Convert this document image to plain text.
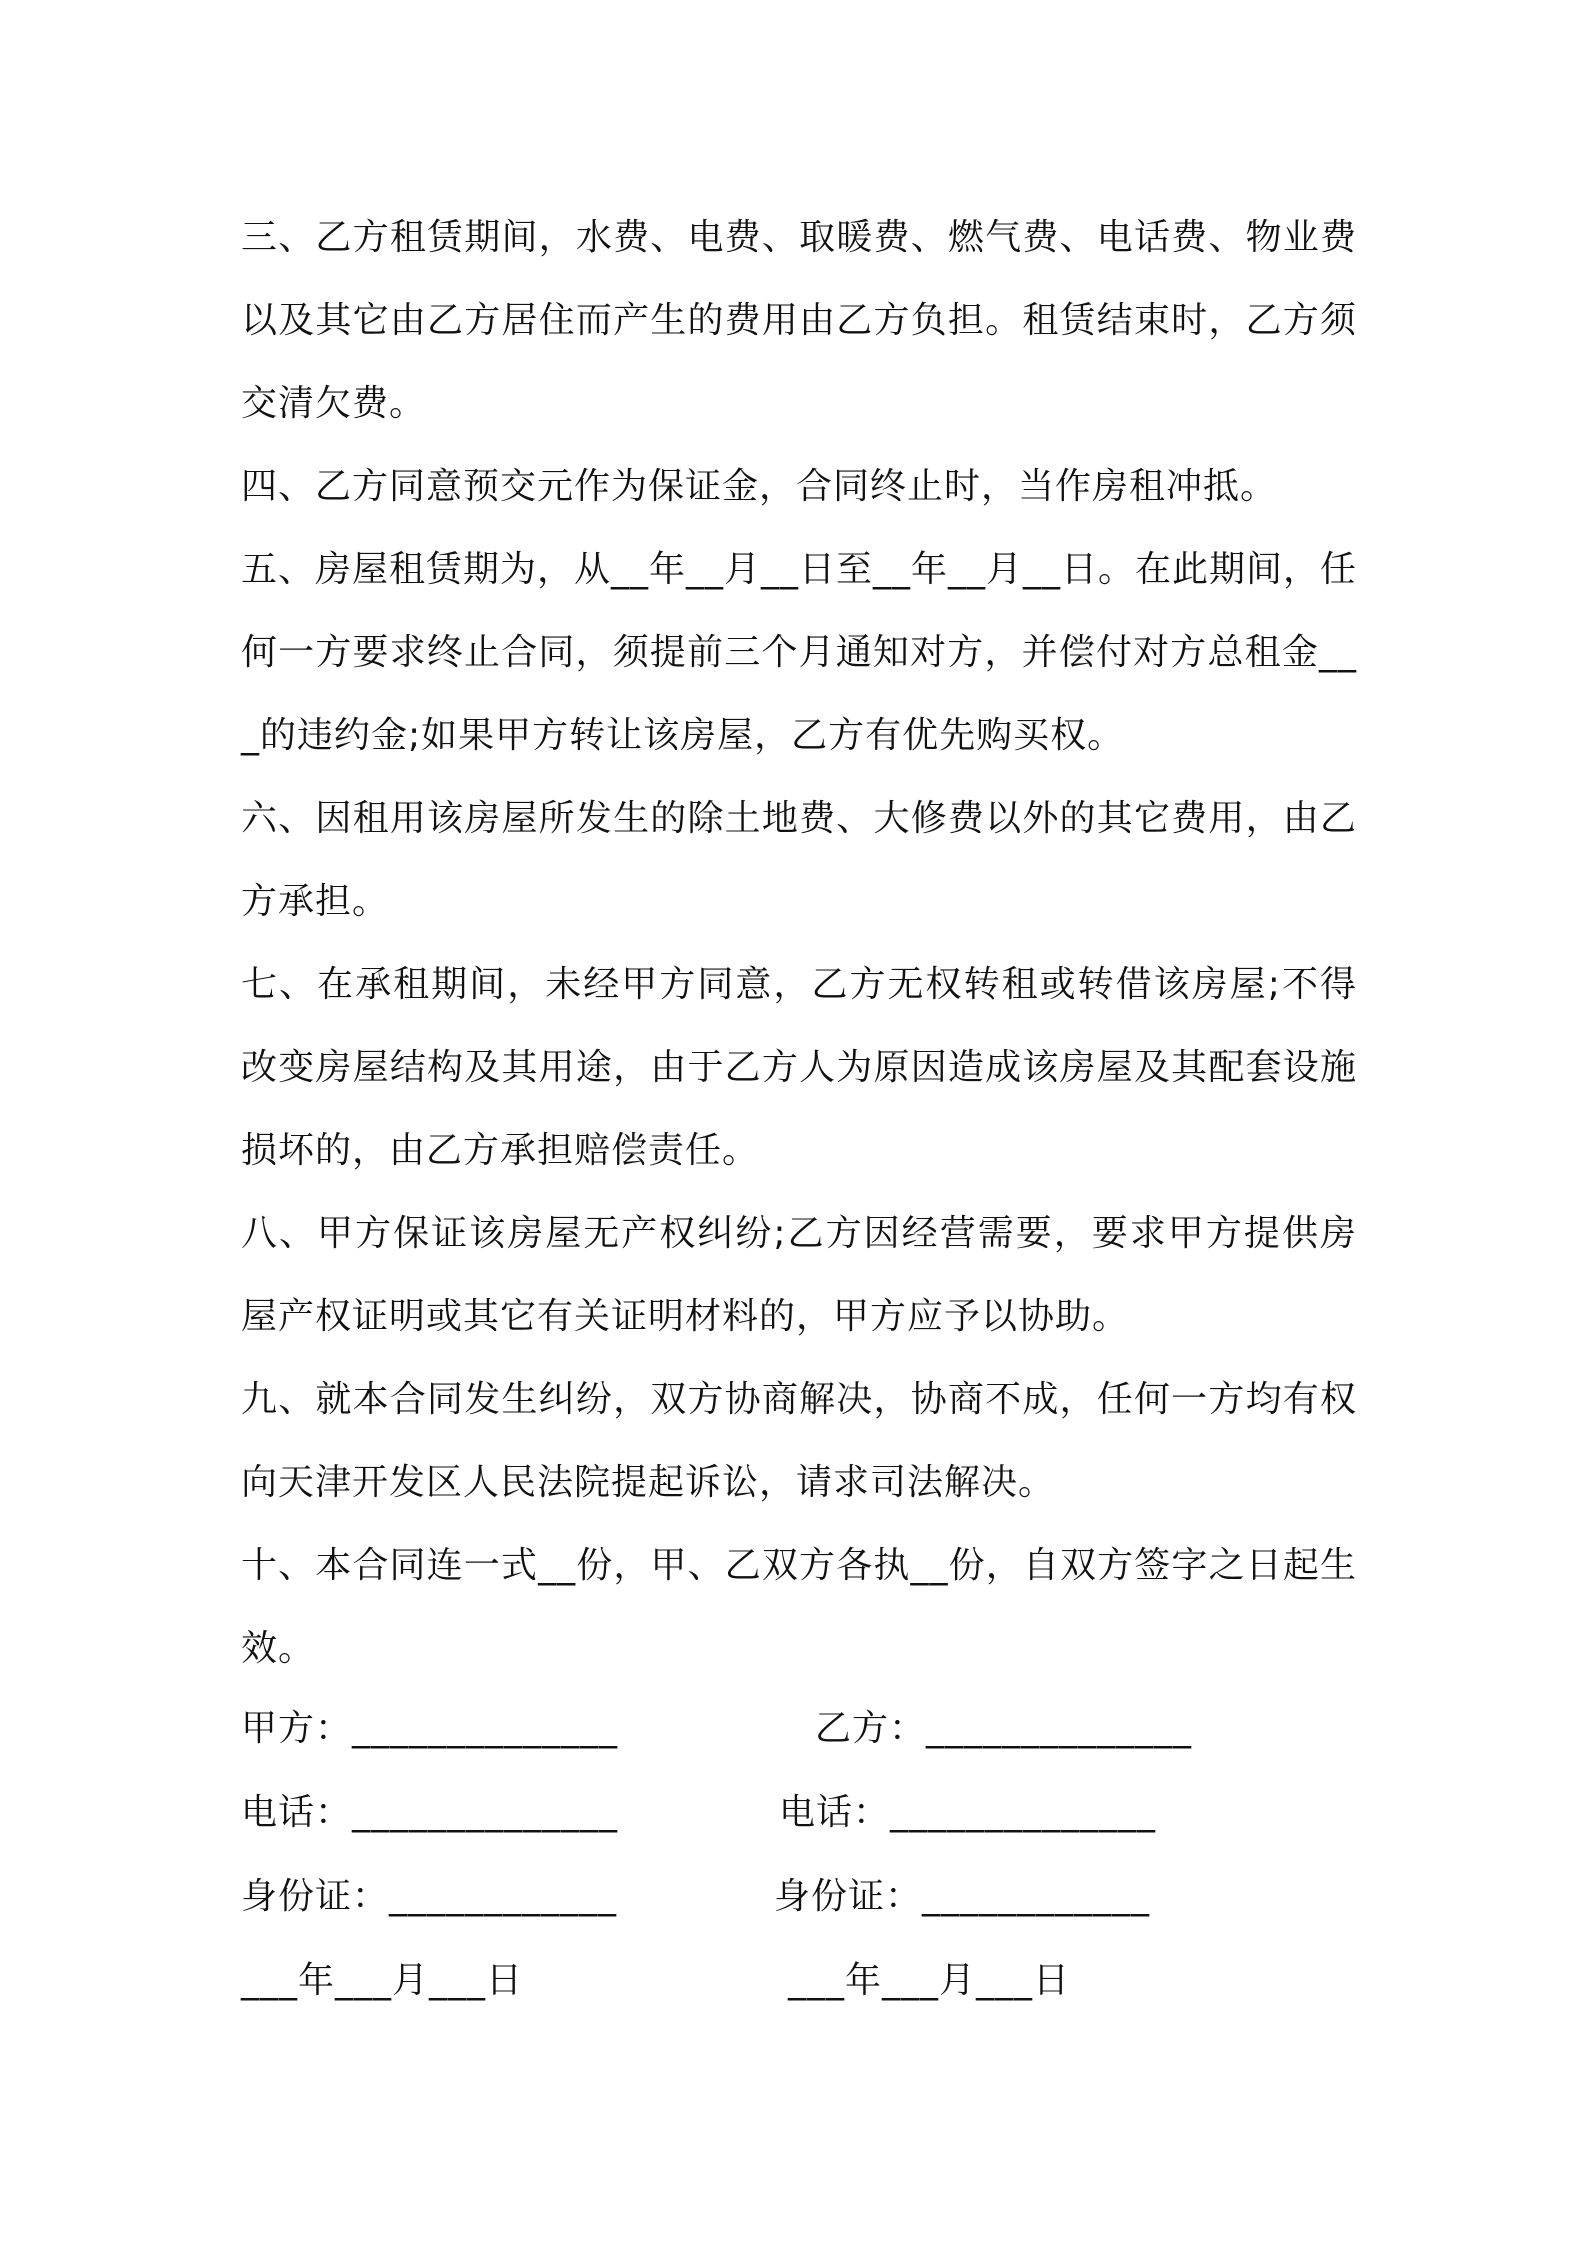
三、乙方租赁期间，水费、电费、取暖费、燃气费、电话费、物业费以及其它由乙方居住而产生的费用由乙方负担。租赁结束时，乙方须交清欠费。

四、乙方同意预交元作为保证金，合同终止时，当作房租冲抵。

五、房屋租赁期为，从__年__月__日至__年__月__日。在此期间，任何一方要求终止合同，须提前三个月通知对方，并偿付对方总租金___的违约金;如果甲方转让该房屋，乙方有优先购买权。

六、因租用该房屋所发生的除土地费、大修费以外的其它费用，由乙方承担。

七、在承租期间，未经甲方同意，乙方无权转租或转借该房屋;不得改变房屋结构及其用途，由于乙方人为原因造成该房屋及其配套设施损坏的，由乙方承担赔偿责任。

八、甲方保证该房屋无产权纠纷;乙方因经营需要，要求甲方提供房屋产权证明或其它有关证明材料的，甲方应予以协助。

九、就本合同发生纠纷，双方协商解决，协商不成，任何一方均有权向天津开发区人民法院提起诉讼，请求司法解决。

十、本合同连一式__份，甲、乙双方各执__份，自双方签字之日起生效。

甲方：______________	乙方：______________
电话：______________	电话：______________
身份证：____________	身份证：____________
___年___月___日	___年___月___日
